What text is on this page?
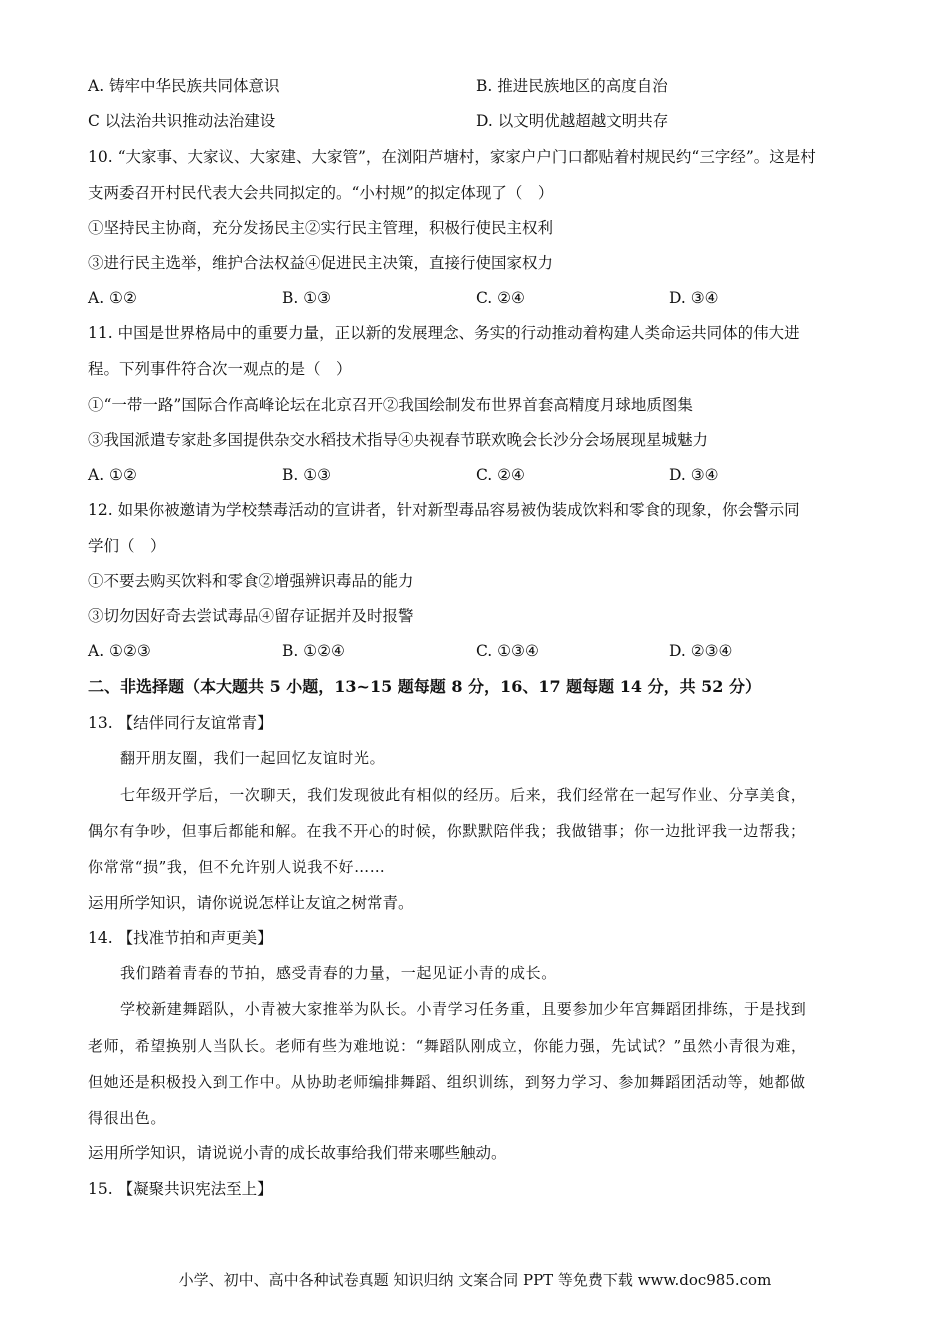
A. 铸牢中华民族共同体意识	B. 推进民族地区的高度自治
C 以法治共识推动法治建设	D. 以文明优越超越文明共存
10. “大家事、大家议、大家建、大家管”，在浏阳芦塘村，家家户户门口都贴着村规民约“三字经”。这是村
支两委召开村民代表大会共同拟定的。“小村规”的拟定体现了（　）
①坚持民主协商，充分发扬民主②实行民主管理，积极行使民主权利
③进行民主选举，维护合法权益④促进民主决策，直接行使国家权力
A. ①②	B. ①③	C. ②④	D. ③④
11. 中国是世界格局中的重要力量，正以新的发展理念、务实的行动推动着构建人类命运共同体的伟大进
程。下列事件符合次一观点的是（　）
①“一带一路”国际合作高峰论坛在北京召开②我国绘制发布世界首套高精度月球地质图集
③我国派遣专家赴多国提供杂交水稻技术指导④央视春节联欢晚会长沙分会场展现星城魅力
A. ①②	B. ①③	C. ②④	D. ③④
12. 如果你被邀请为学校禁毒活动的宣讲者，针对新型毒品容易被伪装成饮料和零食的现象，你会警示同
学们（　）
①不要去购买饮料和零食②增强辨识毒品的能力
③切勿因好奇去尝试毒品④留存证据并及时报警
A. ①②③	B. ①②④	C. ①③④	D. ②③④
二、非选择题（本大题共 5 小题，13~15 题每题 8 分，16、17 题每题 14 分，共 52 分）
13. 【结伴同行友谊常青】
翻开朋友圈，我们一起回忆友谊时光。
七年级开学后，一次聊天，我们发现彼此有相似的经历。后来，我们经常在一起写作业、分享美食，
偶尔有争吵，但事后都能和解。在我不开心的时候，你默默陪伴我；我做错事；你一边批评我一边帮我；
你常常“损”我，但不允许别人说我不好……
运用所学知识，请你说说怎样让友谊之树常青。
14. 【找准节拍和声更美】
我们踏着青春的节拍，感受青春的力量，一起见证小青的成长。
学校新建舞蹈队，小青被大家推举为队长。小青学习任务重，且要参加少年宫舞蹈团排练，于是找到
老师，希望换别人当队长。老师有些为难地说：“舞蹈队刚成立，你能力强，先试试？”虽然小青很为难，
但她还是积极投入到工作中。从协助老师编排舞蹈、组织训练，到努力学习、参加舞蹈团活动等，她都做
得很出色。
运用所学知识，请说说小青的成长故事给我们带来哪些触动。
15. 【凝聚共识宪法至上】
小学、初中、高中各种试卷真题 知识归纳 文案合同 PPT 等免费下载 www.doc985.com
